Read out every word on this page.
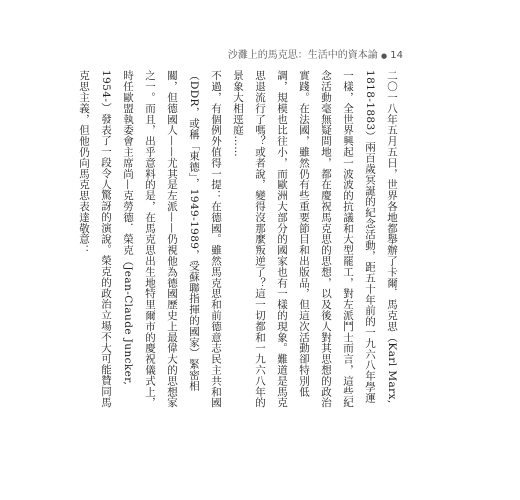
沙灘上的馬克思：生活中的資本論 ● 14

二〇一八年五月五日，世界各地都舉辦了卡爾．馬克思（Karl Marx, 1818-1883）兩百歲冥誕的紀念活動，距五十年前的一九六八年學運一樣，全世界興起一波波的抗議和大型罷工，對左派鬥士而言，這些紀念活動毫無疑問地，都在慶祝馬克思的思想，以及後人對其思想的政治實踐。在法國，雖然仍有些重要節目和出版品，但這次活動卻特別低調，規模也比往小，而歐洲大部分的國家也有一樣的現象。難道是馬克思退流行了嗎？或者說，變得沒那麼叛逆了？這一切都和一九六八年的景象大相逕庭……

不過，有個例外值得一提：在德國。雖然馬克思和前德意志民主共和國（DDR，或稱「東德」，1949-1989，受蘇聯指揮的國家）緊密相關，但德國人——尤其是左派——仍視他為德國歷史上最偉大的思想家之一。而且，出乎意料的是，在馬克思出生地特里爾市的慶祝儀式上，時任歐盟執委會主席尚—克勞德．榮克（Jean-Claude Juncker, 1954-）發表了一段令人驚訝的演說。榮克的政治立場不大可能贊同馬克思主義，但他仍向馬克思表達敬意：
